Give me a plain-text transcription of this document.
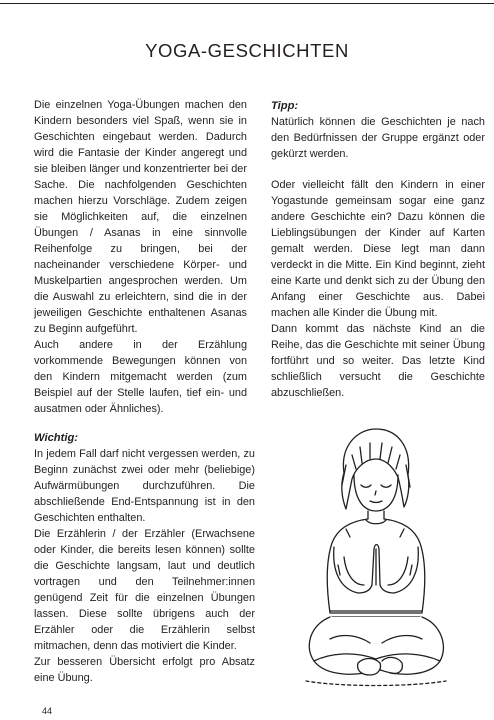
YOGA-GESCHICHTEN

Die einzelnen Yoga-Übungen machen den Kindern besonders viel Spaß, wenn sie in Geschichten eingebaut werden. Dadurch wird die Fantasie der Kinder angeregt und sie bleiben länger und konzentrierter bei der Sache. Die nachfolgenden Geschichten machen hierzu Vorschläge. Zudem zeigen sie Möglichkeiten auf, die einzelnen Übungen / Asanas in eine sinnvolle Reihenfolge zu bringen, bei der nacheinander verschiedene Körper- und Muskelpartien angesprochen werden. Um die Auswahl zu erleichtern, sind die in der jeweiligen Geschichte enthaltenen Asanas zu Beginn aufgeführt.

Auch andere in der Erzählung vorkommende Bewegungen können von den Kindern mitgemacht werden (zum Beispiel auf der Stelle laufen, tief ein- und ausatmen oder Ähnliches).

Wichtig:

In jedem Fall darf nicht vergessen werden, zu Beginn zunächst zwei oder mehr (beliebige) Aufwärmübungen durchzuführen. Die abschließende End-Entspannung ist in den Geschichten enthalten.

Die Erzählerin / der Erzähler (Erwachsene oder Kinder, die bereits lesen können) sollte die Geschichte langsam, laut und deutlich vortragen und den Teilnehmer:innen genügend Zeit für die einzelnen Übungen lassen. Diese sollte übrigens auch der Erzähler oder die Erzählerin selbst mitmachen, denn das motiviert die Kinder.

Zur besseren Übersicht erfolgt pro Absatz eine Übung.

Tipp:

Natürlich können die Geschichten je nach den Bedürfnissen der Gruppe ergänzt oder gekürzt werden.

Oder vielleicht fällt den Kindern in einer Yogastunde gemeinsam sogar eine ganz andere Geschichte ein? Dazu können die Lieblingsübungen der Kinder auf Karten gemalt werden. Diese legt man dann verdeckt in die Mitte. Ein Kind beginnt, zieht eine Karte und denkt sich zu der Übung den Anfang einer Geschichte aus. Dabei machen alle Kinder die Übung mit.

Dann kommt das nächste Kind an die Reihe, das die Geschichte mit seiner Übung fortführt und so weiter. Das letzte Kind schließlich versucht die Geschichte abzuschließen.

44
